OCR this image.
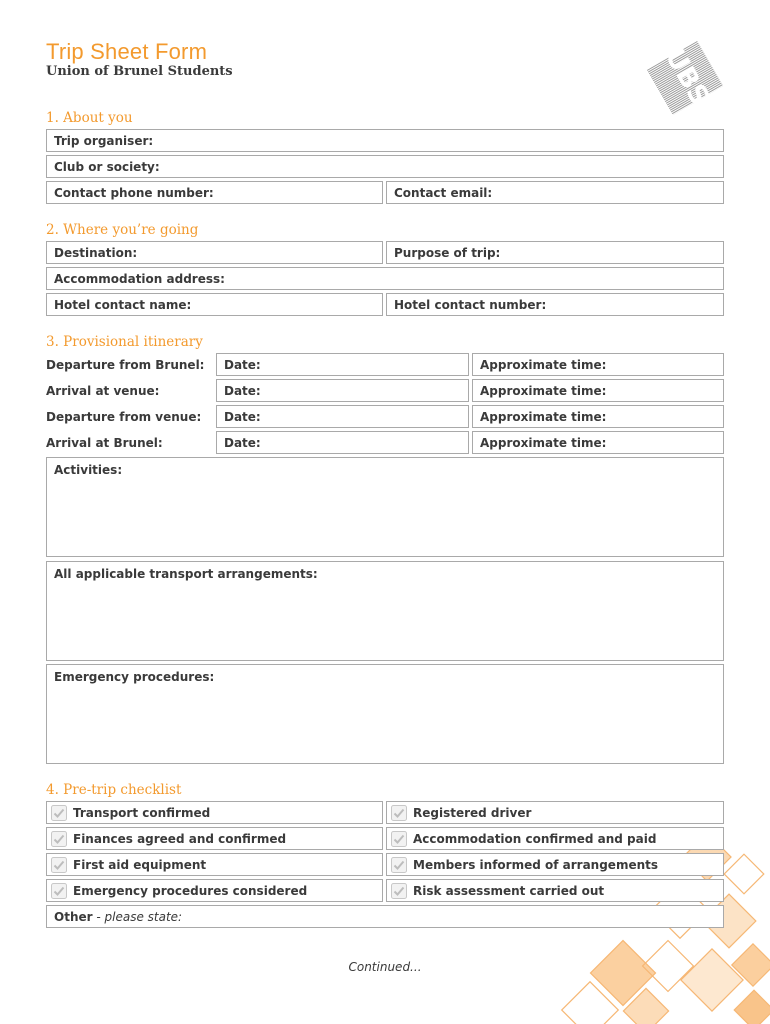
Trip Sheet Form
Union of Brunel Students	UBS
1. About you
Trip organiser:
Club or society:
Contact phone number:	Contact email:
2. Where you’re going
Destination:	Purpose of trip:
Accommodation address:
Hotel contact name:	Hotel contact number:
3. Provisional itinerary
Departure from Brunel: Date:	Approximate time:
Arrival at venue:	Date:	Approximate time:
Departure from venue: Date:	Approximate time:
Arrival at Brunel:	Date:	Approximate time:
Activities:
All applicable transport arrangements:
Emergency procedures:
4. Pre-trip checklist
Transport confirmed	Registered driver
Finances agreed and confirmed	Accommodation confirmed and paid
First aid equipment	Members informed of arrangements
Emergency procedures considered	Risk assessment carried out
Other - please state:
Continued...
